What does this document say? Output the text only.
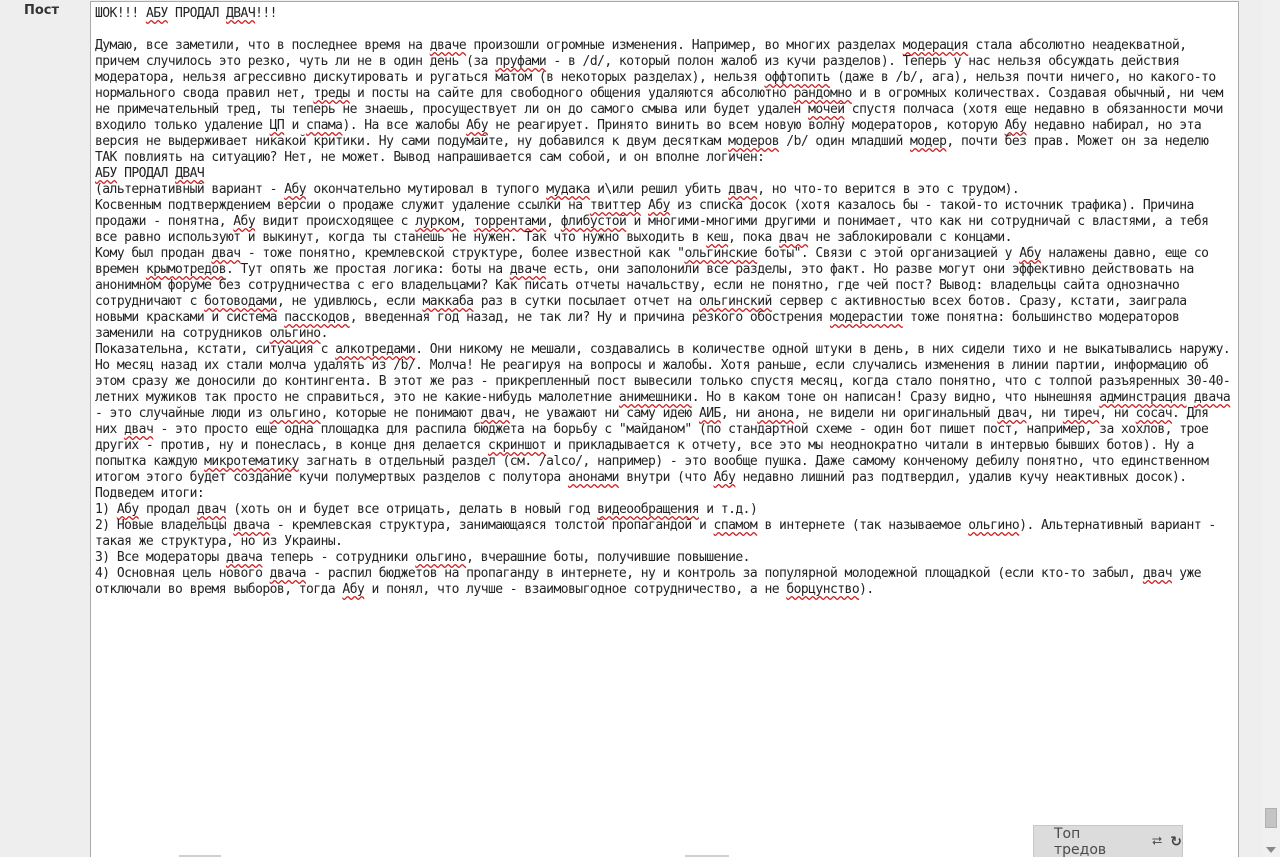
Пост	ШОК!!! АБУ ПРОДАЛ ДВАЧ!!!

Думаю, все заметили, что в последнее время на дваче произошли огромные изменения. Например, во многих разделах модерация стала абсолютно неадекватной, причем случилось это резко, чуть ли не в один день (за пруфами - в /d/, который полон жалоб из кучи разделов). Теперь у нас нельзя обсуждать действия модератора, нельзя агрессивно дискутировать и ругаться матом (в некоторых разделах), нельзя оффтопить (даже в /b/, ага), нельзя почти ничего, но какого-то нормального свода правил нет, треды и посты на сайте для свободного общения удаляются абсолютно рандомно и в огромных количествах. Создавая обычный, ни чем не примечательный тред, ты теперь не знаешь, просуществует ли он до самого смыва или будет удален мочей спустя полчаса (хотя еще недавно в обязанности мочи входило только удаление ЦП и спама). На все жалобы Абу не реагирует. Принято винить во всем новую волну модераторов, которую Абу недавно набирал, но эта версия не выдерживает никакой критики. Ну сами подумайте, ну добавился к двум десяткам модеров /b/ один младший модер, почти без прав. Может он за неделю ТАК повлиять на ситуацию? Нет, не может. Вывод напрашивается сам собой, и он вполне логичен:
АБУ ПРОДАЛ ДВАЧ
(альтернативный вариант - Абу окончательно мутировал в тупого мудака и\или решил убить двач, но что-то верится в это с трудом).
Косвенным подтверждением версии о продаже служит удаление ссылки на твиттер Абу из списка досок (хотя казалось бы - такой-то источник трафика). Причина продажи - понятна, Абу видит происходящее с лурком, торрентами, флибустой и многими-многими другими и понимает, что как ни сотрудничай с властями, а тебя все равно используют и выкинут, когда ты станешь не нужен. Так что нужно выходить в кеш, пока двач не заблокировали с концами.
Кому был продан двач - тоже понятно, кремлевской структуре, более известной как "ольгинские боты". Связи с этой организацией у Абу налажены давно, еще со времен крымотредов. Тут опять же простая логика: боты на дваче есть, они заполонили все разделы, это факт. Но разве могут они эффективно действовать на анонимном форуме без сотрудничества с его владельцами? Как писать отчеты начальству, если не понятно, где чей пост? Вывод: владельцы сайта однозначно сотрудничают с ботоводами, не удивлюсь, если маккаба раз в сутки посылает отчет на ольгинский сервер с активностью всех ботов. Сразу, кстати, заиграла новыми красками и система пасскодов, введенная год назад, не так ли? Ну и причина резкого обострения модерастии тоже понятна: большинство модераторов заменили на сотрудников ольгино.
Показательна, кстати, ситуация с алкотредами. Они никому не мешали, создавались в количестве одной штуки в день, в них сидели тихо и не выкатывались наружу. Но месяц назад их стали молча удалять из /b/. Молча! Не реагируя на вопросы и жалобы. Хотя раньше, если случались изменения в линии партии, информацию об этом сразу же доносили до контингента. В этот же раз - прикрепленный пост вывесили только спустя месяц, когда стало понятно, что с толпой разъяренных 30-40-летних мужиков так просто не справиться, это не какие-нибудь малолетние анимешники. Но в каком тоне он написан! Сразу видно, что нынешняя админстрация двача - это случайные люди из ольгино, которые не понимают двач, не уважают ни саму идею АИБ, ни анона, не видели ни оригинальный двач, ни тиреч, ни сосач. Для них двач - это просто еще одна площадка для распила бюджета на борьбу с "майданом" (по стандартной схеме - один бот пишет пост, например, за хохлов, трое других - против, ну и понеслась, в конце дня делается скриншот и прикладывается к отчету, все это мы неоднократно читали в интервью бывших ботов). Ну а попытка каждую микротематику загнать в отдельный раздел (см. /alco/, например) - это вообще пушка. Даже самому конченому дебилу понятно, что единственном итогом этого будет создание кучи полумертвых разделов с полутора анонами внутри (что Абу недавно лишний раз подтвердил, удалив кучу неактивных досок).
Подведем итоги:
1) Абу продал двач (хоть он и будет все отрицать, делать в новый год видеообращения и т.д.)
2) Новые владельцы двача - кремлевская структура, занимающаяся толстой пропагандой и спамом в интернете (так называемое ольгино). Альтернативный вариант - такая же структура, но из Украины.
3) Все модераторы двача теперь - сотрудники ольгино, вчерашние боты, получившие повышение.
4) Основная цель нового двача - распил бюджетов на пропаганду в интернете, ну и контроль за популярной молодежной площадкой (если кто-то забыл, двач уже отключали во время выборов, тогда Абу и понял, что лучше - взаимовыгодное сотрудничество, а не борцунство).
Топ тредов	⮂ ↻
